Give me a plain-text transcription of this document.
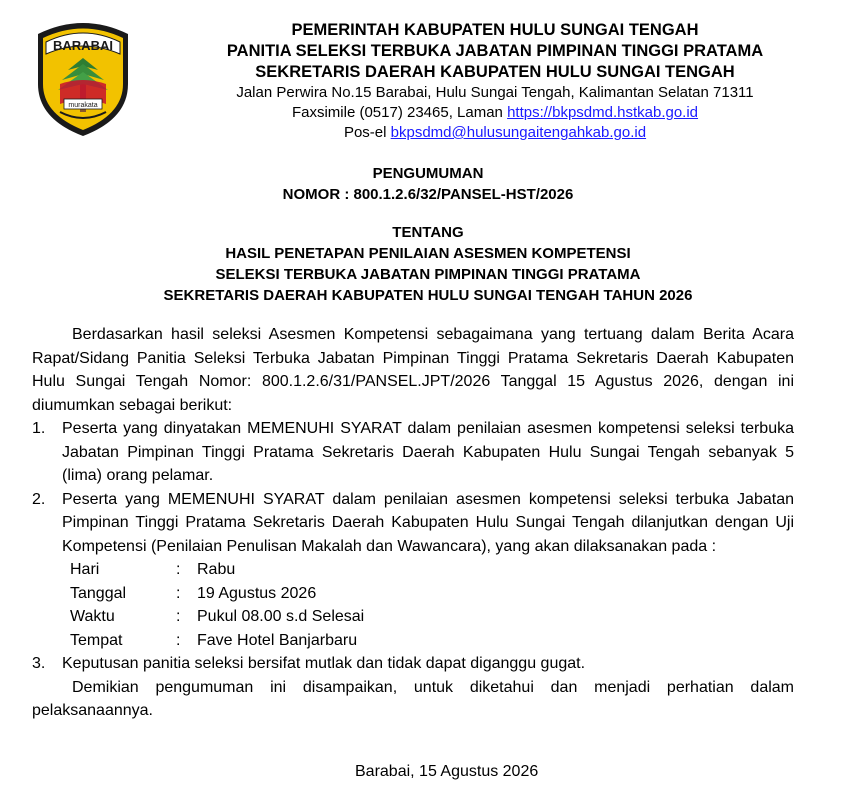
BARABAI
murakata
PEMERINTAH KABUPATEN HULU SUNGAI TENGAH
PANITIA SELEKSI TERBUKA JABATAN PIMPINAN TINGGI PRATAMA
SEKRETARIS DAERAH KABUPATEN HULU SUNGAI TENGAH
Jalan Perwira No.15 Barabai, Hulu Sungai Tengah, Kalimantan Selatan 71311
Faxsimile (0517) 23465, Laman https://bkpsdmd.hstkab.go.id
Pos-el bkpsdmd@hulusungaitengahkab.go.id
PENGUMUMAN
NOMOR : 800.1.2.6/32/PANSEL-HST/2026
TENTANG
HASIL PENETAPAN PENILAIAN ASESMEN KOMPETENSI
SELEKSI TERBUKA JABATAN PIMPINAN TINGGI PRATAMA
SEKRETARIS DAERAH KABUPATEN HULU SUNGAI TENGAH TAHUN 2026
Berdasarkan hasil seleksi Asesmen Kompetensi sebagaimana yang tertuang dalam Berita Acara Rapat/Sidang Panitia Seleksi Terbuka Jabatan Pimpinan Tinggi Pratama Sekretaris Daerah Kabupaten Hulu Sungai Tengah Nomor: 800.1.2.6/31/PANSEL.JPT/2026 Tanggal 15 Agustus 2026, dengan ini diumumkan sebagai berikut:
1. Peserta yang dinyatakan MEMENUHI SYARAT dalam penilaian asesmen kompetensi seleksi terbuka Jabatan Pimpinan Tinggi Pratama Sekretaris Daerah Kabupaten Hulu Sungai Tengah sebanyak 5 (lima) orang pelamar.
2. Peserta yang MEMENUHI SYARAT dalam penilaian asesmen kompetensi seleksi terbuka Jabatan Pimpinan Tinggi Pratama Sekretaris Daerah Kabupaten Hulu Sungai Tengah dilanjutkan dengan Uji Kompetensi (Penilaian Penulisan Makalah dan Wawancara), yang akan dilaksanakan pada :
Hari	: Rabu
Tanggal	: 19 Agustus 2026
Waktu	: Pukul 08.00 s.d Selesai
Tempat	: Fave Hotel Banjarbaru
3. Keputusan panitia seleksi bersifat mutlak dan tidak dapat diganggu gugat.
Demikian pengumuman ini disampaikan, untuk diketahui dan menjadi perhatian dalam pelaksanaannya.
Barabai, 15 Agustus 2026
